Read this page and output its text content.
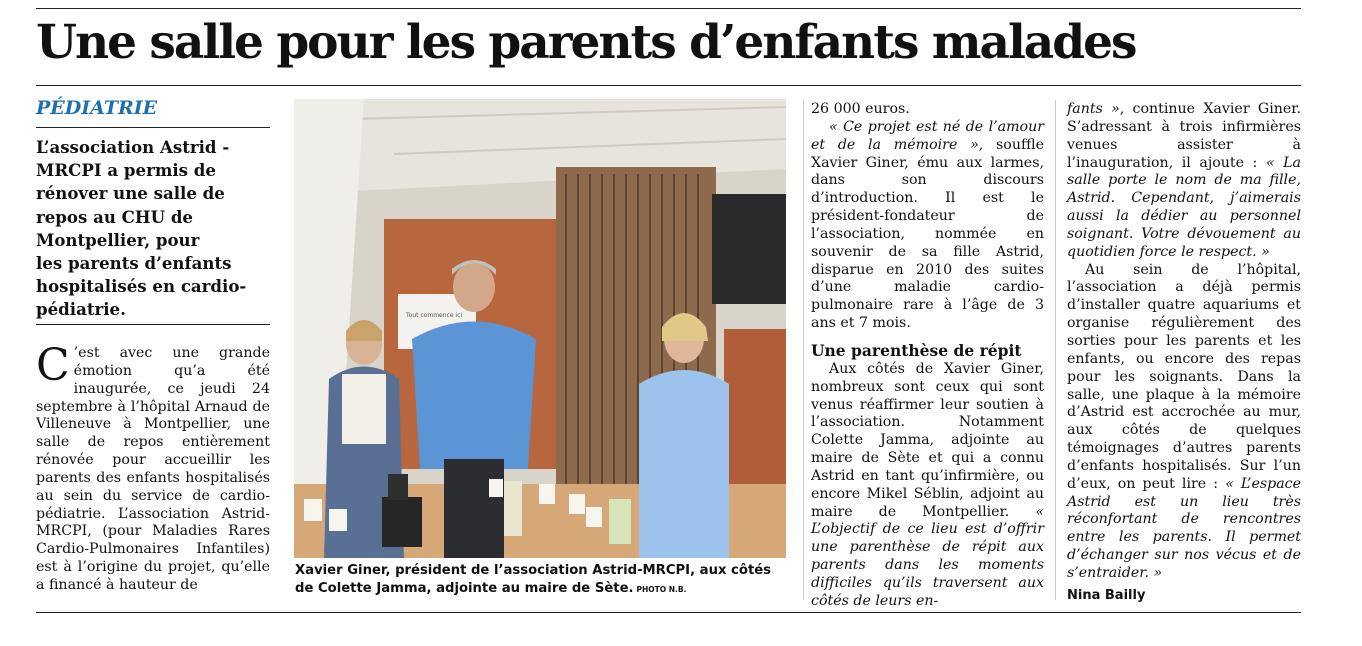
Une salle pour les parents d’enfants malades
PÉDIATRIE
L’association Astrid -
MRCPI a permis de
rénover une salle de
repos au CHU de
Montpellier, pour
les parents d’enfants
hospitalisés en cardio-
pédiatrie.

C ’est avec une grande émotion qu’a été inaugurée, ce jeudi 24 septembre à l’hôpital Arnaud de Villeneuve à Montpellier, une salle de repos entièrement rénovée pour accueillir les parents des enfants hospitalisés au sein du service de cardio-pédiatrie. L’association Astrid-MRCPI, (pour Maladies Rares Cardio-Pulmonaires Infantiles) est à l’origine du projet, qu’elle a financé à hauteur de

Tout commence ici
Xavier Giner, président de l’association Astrid-MRCPI, aux côtés de Colette Jamma, adjointe au maire de Sète. PHOTO N.B.

26 000 euros.

« Ce projet est né de l’amour et de la mémoire », souffle Xavier Giner, ému aux larmes, dans son discours d’introduction. Il est le président-fondateur de l’association, nommée en souvenir de sa fille Astrid, disparue en 2010 des suites d’une maladie cardio-pulmonaire rare à l’âge de 3 ans et 7 mois.

Une parenthèse de répit

Aux côtés de Xavier Giner, nombreux sont ceux qui sont venus réaffirmer leur soutien à l’association. Notamment Colette Jamma, adjointe au maire de Sète et qui a connu Astrid en tant qu’infirmière, ou encore Mikel Séblin, adjoint au maire de Montpellier. « L’objectif de ce lieu est d’offrir une parenthèse de répit aux parents dans les moments difficiles qu’ils traversent aux côtés de leurs en-

fants », continue Xavier Giner. S’adressant à trois infirmières venues assister à l’inauguration, il ajoute : « La salle porte le nom de ma fille, Astrid. Cependant, j’aimerais aussi la dédier au personnel soignant. Votre dévouement au quotidien force le respect. »

Au sein de l’hôpital, l’association a déjà permis d’installer quatre aquariums et organise régulièrement des sorties pour les parents et les enfants, ou encore des repas pour les soignants. Dans la salle, une plaque à la mémoire d’Astrid est accrochée au mur, aux côtés de quelques témoignages d’autres parents d’enfants hospitalisés. Sur l’un d’eux, on peut lire : « L’espace Astrid est un lieu très réconfortant de rencontres entre les parents. Il permet d’échanger sur nos vécus et de s’entraider. »

Nina Bailly
